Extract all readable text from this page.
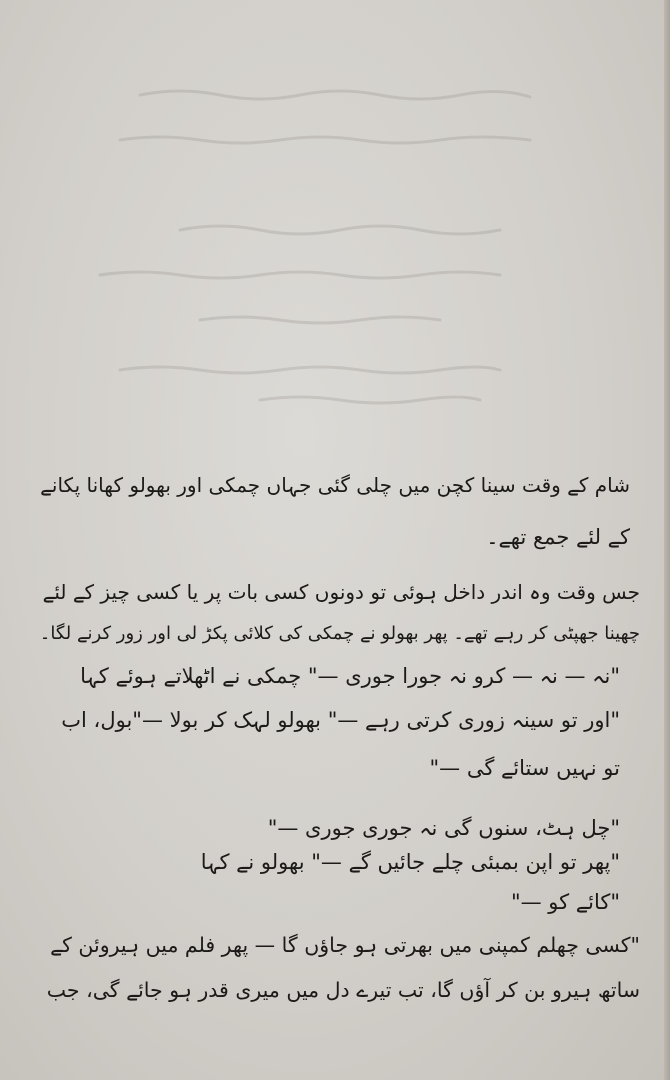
شام کے وقت سینا کچن میں چلی گئی جہاں چمکی اور بھولو کھانا پکانے
کے لئے جمع تھے۔
جس وقت وہ اندر داخل ہوئی تو دونوں کسی بات پر یا کسی چیز کے لئے
چھینا جھپٹی کر رہے تھے۔ پھر بھولو نے چمکی کی کلائی پکڑ لی اور زور کرنے لگا۔
"نہ — نہ — کرو نہ جورا جوری —" چمکی نے اٹھلاتے ہوئے کہا
"اور تو سینہ زوری کرتی رہے —" بھولو لہک کر بولا —"بول، اب
تو نہیں ستائے گی —"
"چل ہٹ، سنوں گی نہ جوری جوری —"
"پھر تو اپن بمبئی چلے جائیں گے —" بھولو نے کہا
"کائے کو —"
"کسی چھلم کمپنی میں بھرتی ہو جاؤں گا — پھر فلم میں ہیروئن کے
ساتھ ہیرو بن کر آؤں گا، تب تیرے دل میں میری قدر ہو جائے گی، جب
